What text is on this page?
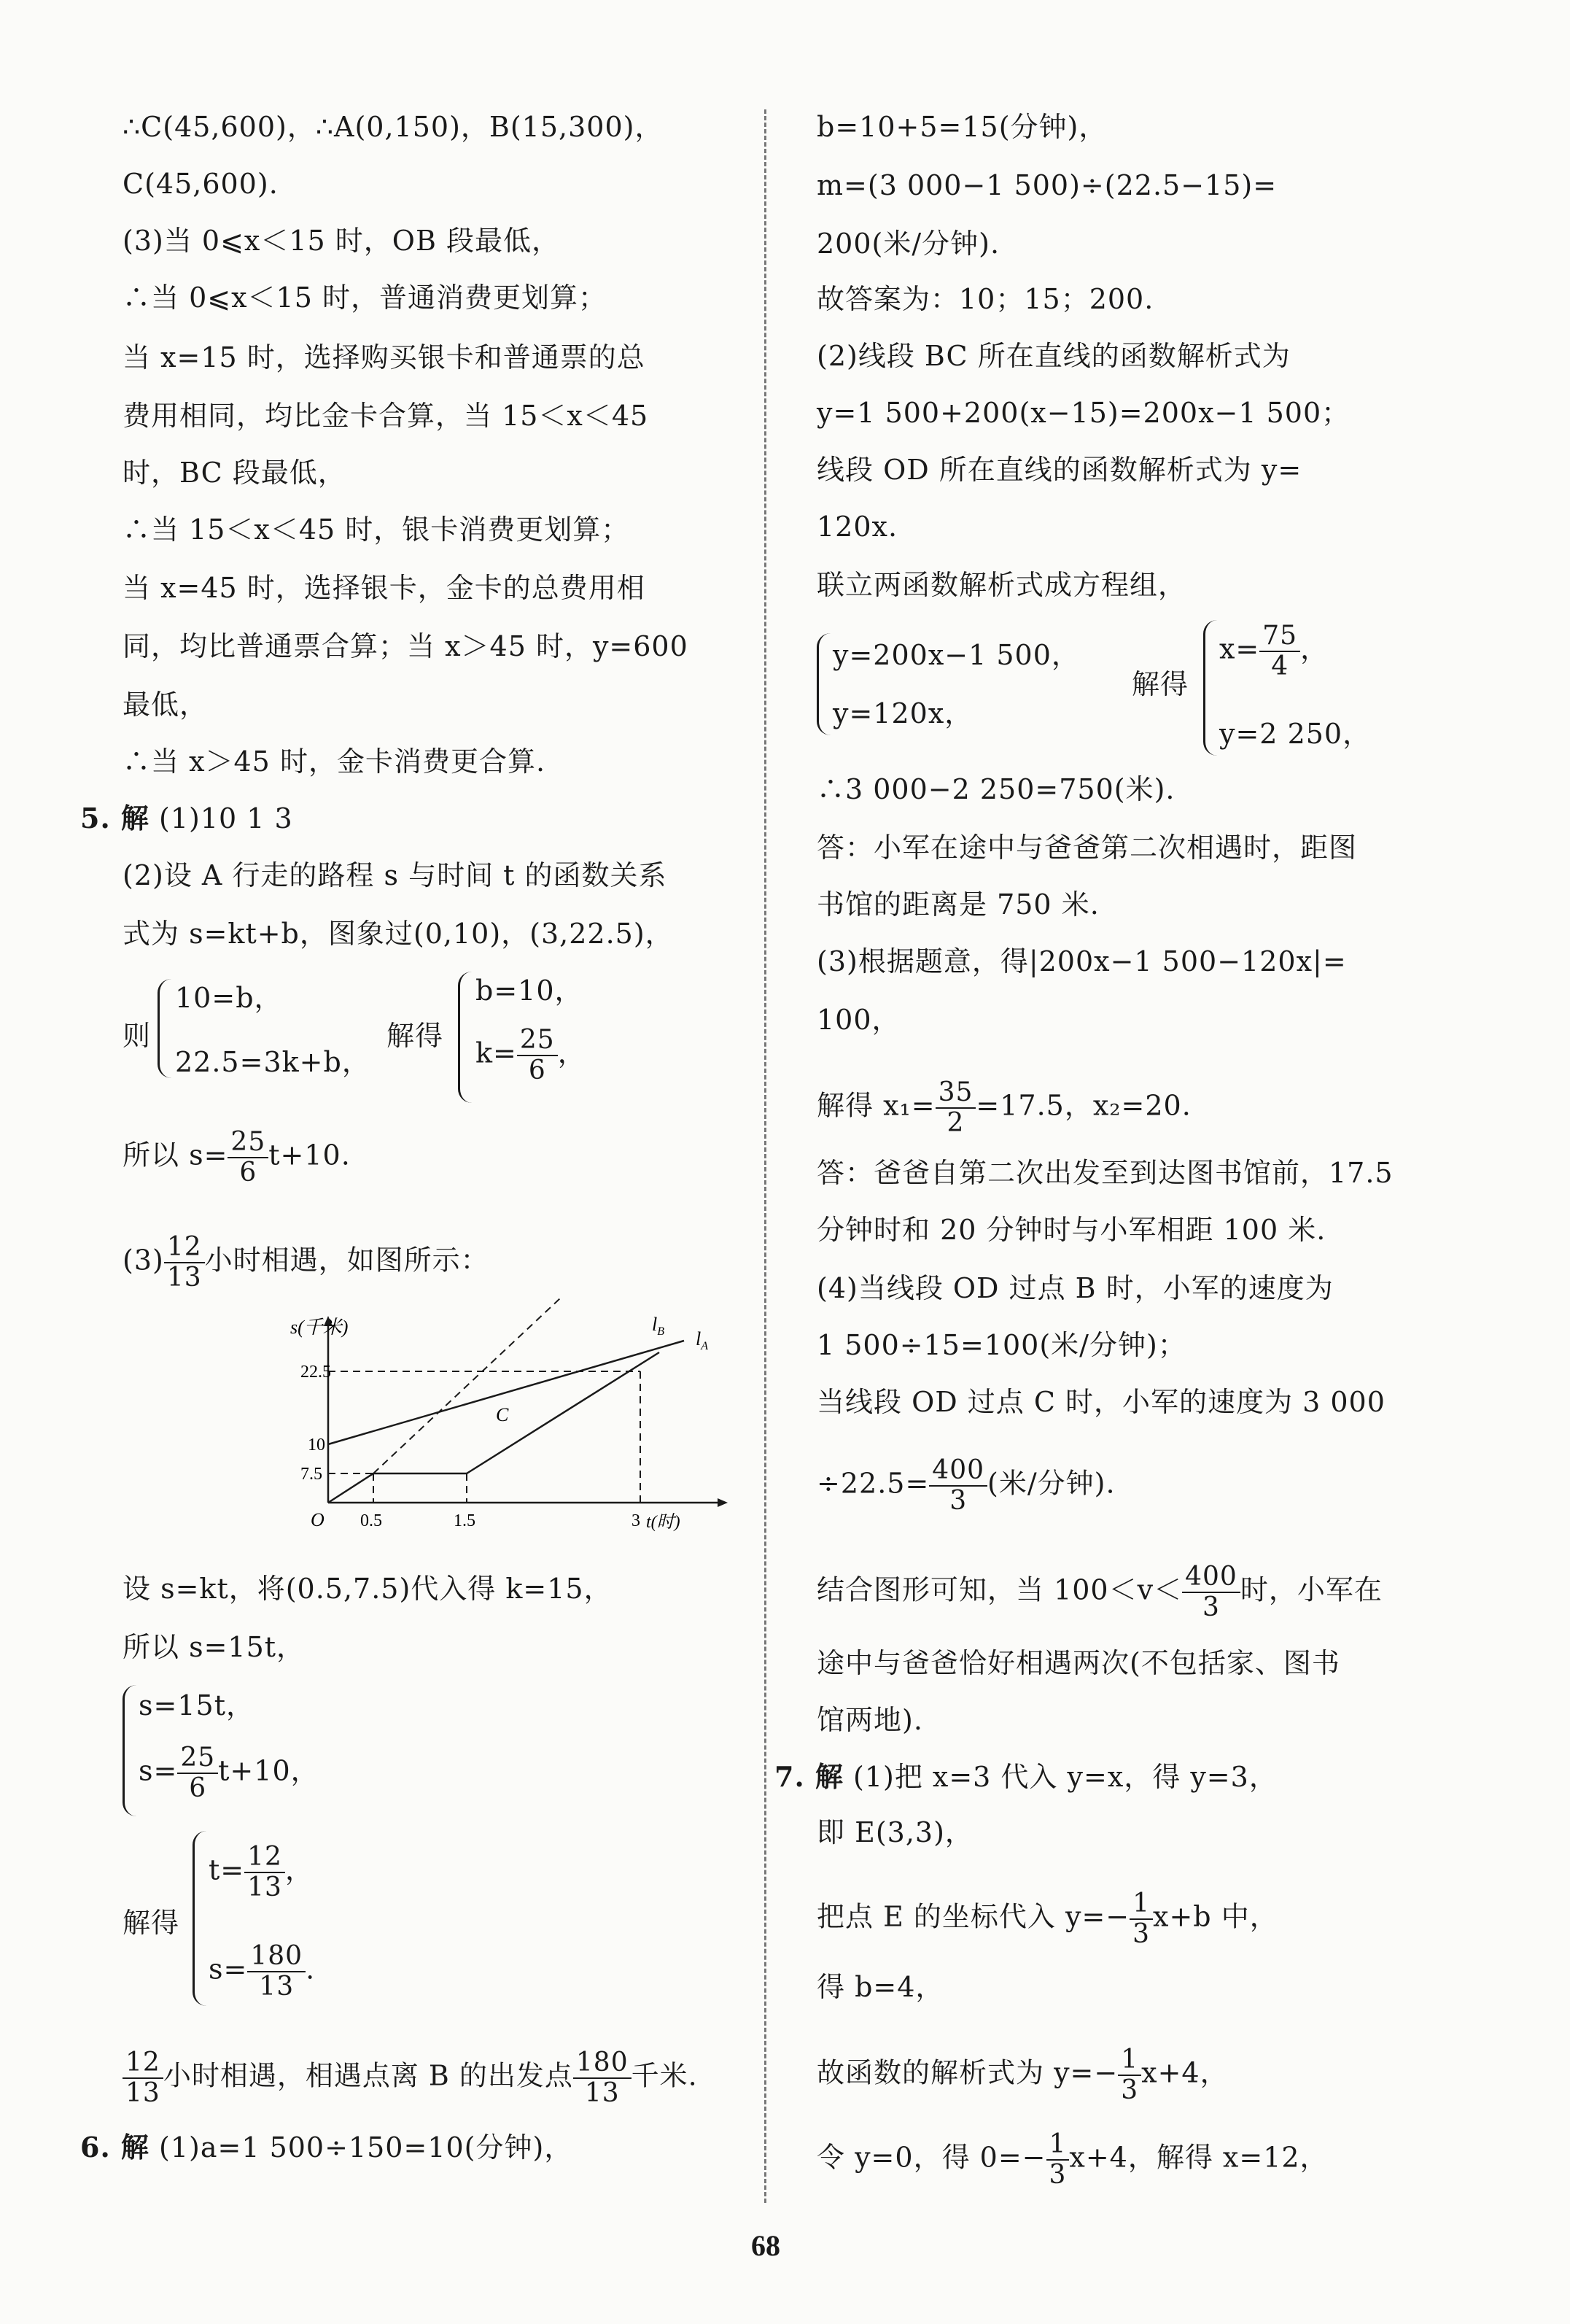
∴C(45,600)，∴A(0,150)，B(15,300)，
C(45,600).
(3)当 0⩽x＜15 时，OB 段最低，
∴当 0⩽x＜15 时，普通消费更划算；
当 x=15 时，选择购买银卡和普通票的总
费用相同，均比金卡合算，当 15＜x＜45
时，BC 段最低，
∴当 15＜x＜45 时，银卡消费更划算；
当 x=45 时，选择银卡，金卡的总费用相
同，均比普通票合算；当 x＞45 时，y=600
最低，
∴当 x＞45 时，金卡消费更合算.
5. 解 (1)10 1 3
(2)设 A 行走的路程 s 与时间 t 的函数关系
式为 s=kt+b，图象过(0,10)，(3,22.5)，
则
10=b，
22.5=3k+b，
解得
b=10，
$k= \frac{25}{6}$ ，
所以 $s= \frac{25}{6} t+10$.
$(3) \frac{12}{13}$ 小时相遇，如图所示：
s(千米)
22.5
10
7.5
O 0.5	1.5	3 t(时)
C
$l_B$ $l_A$
设 s=kt，将(0.5,7.5)代入得 k=15，
所以 s=15t，
s=15t，
$s= \frac{25}{6} t+10$，
解得
$t= \frac{12}{13}$ ，
$s= \frac{180}{13}$ .
$\frac{12}{13}$ 小时相遇，相遇点离 B 的出发点 $\frac{180}{13}$ 千米.
6. 解 (1)a=1 500÷150=10(分钟)，
b=10+5=15(分钟)，
m=(3 000−1 500)÷(22.5−15)=
200(米/分钟).
故答案为：10；15；200.
(2)线段 BC 所在直线的函数解析式为
y=1 500+200(x−15)=200x−1 500；
线段 OD 所在直线的函数解析式为 y=
120x.
联立两函数解析式成方程组，
y=200x−1 500，
y=120x，
解得
$x= \frac{75}{4}$ ，
y=2 250，
∴3 000−2 250=750(米).
答：小军在途中与爸爸第二次相遇时，距图
书馆的距离是 750 米.
(3)根据题意，得|200x−1 500−120x|=
100，
解得 $x_1= \frac{35}{2} =17.5$，x₂=20.
答：爸爸自第二次出发至到达图书馆前，17.5
分钟时和 20 分钟时与小军相距 100 米.
(4)当线段 OD 过点 B 时，小军的速度为
1 500÷15=100(米/分钟)；
当线段 OD 过点 C 时，小军的速度为 3 000
$\div 22.5= \frac{400}{3}$ (米/分钟).
结合图形可知，当 $100<v< \frac{400}{3}$ 时，小军在
途中与爸爸恰好相遇两次(不包括家、图书
馆两地).
7. 解 (1)把 x=3 代入 y=x，得 y=3，
即 E(3,3)，
把点 E 的坐标代入 $y=- \frac{1}{3} x+b$ 中，
得 b=4，
故函数的解析式为 $y=- \frac{1}{3} x+4$，
令 y=0，得 $0=- \frac{1}{3} x+4$，解得 x=12，
68
